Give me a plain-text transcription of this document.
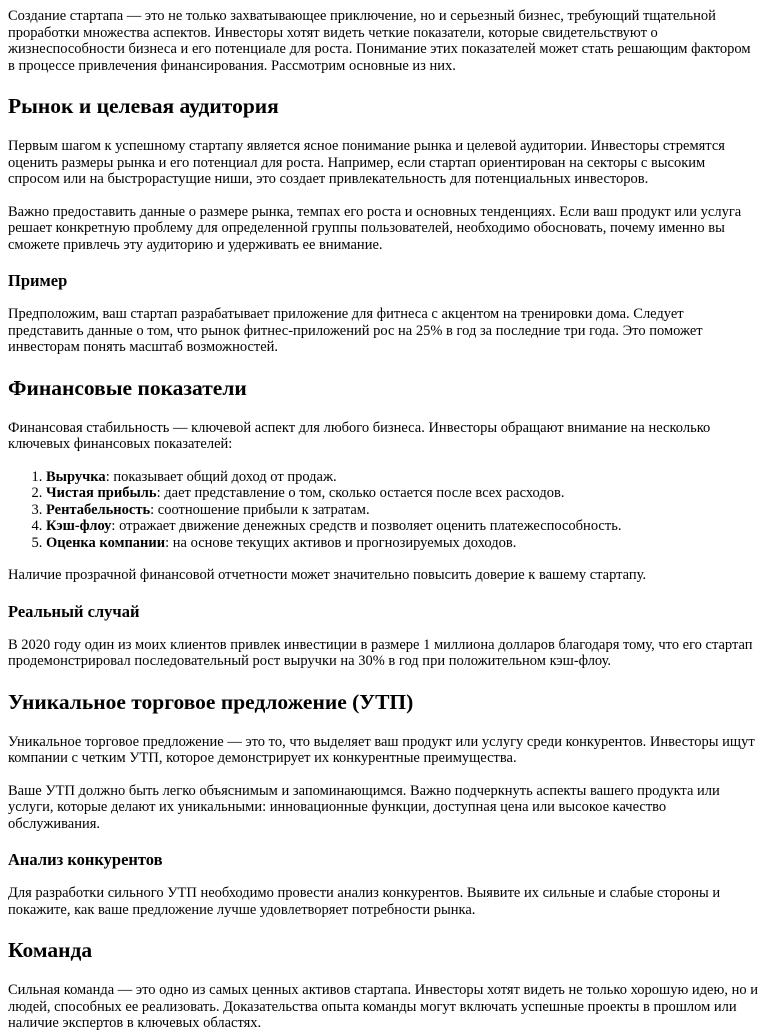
Создание стартапа — это не только захватывающее приключение, но и серьезный бизнес, требующий тщательной проработки множества аспектов. Инвесторы хотят видеть четкие показатели, которые свидетельствуют о жизнеспособности бизнеса и его потенциале для роста. Понимание этих показателей может стать решающим фактором в процессе привлечения финансирования. Рассмотрим основные из них.

Рынок и целевая аудитория

Первым шагом к успешному стартапу является ясное понимание рынка и целевой аудитории. Инвесторы стремятся оценить размеры рынка и его потенциал для роста. Например, если стартап ориентирован на секторы с высоким спросом или на быстрорастущие ниши, это создает привлекательность для потенциальных инвесторов.

Важно предоставить данные о размере рынка, темпах его роста и основных тенденциях. Если ваш продукт или услуга решает конкретную проблему для определенной группы пользователей, необходимо обосновать, почему именно вы сможете привлечь эту аудиторию и удерживать ее внимание.

Пример

Предположим, ваш стартап разрабатывает приложение для фитнеса с акцентом на тренировки дома. Следует представить данные о том, что рынок фитнес-приложений рос на 25% в год за последние три года. Это поможет инвесторам понять масштаб возможностей.

Финансовые показатели

Финансовая стабильность — ключевой аспект для любого бизнеса. Инвесторы обращают внимание на несколько ключевых финансовых показателей:

1. Выручка: показывает общий доход от продаж.
2. Чистая прибыль: дает представление о том, сколько остается после всех расходов.
3. Рентабельность: соотношение прибыли к затратам.
4. Кэш-флоу: отражает движение денежных средств и позволяет оценить платежеспособность.
5. Оценка компании: на основе текущих активов и прогнозируемых доходов.

Наличие прозрачной финансовой отчетности может значительно повысить доверие к вашему стартапу.

Реальный случай

В 2020 году один из моих клиентов привлек инвестиции в размере 1 миллиона долларов благодаря тому, что его стартап продемонстрировал последовательный рост выручки на 30% в год при положительном кэш-флоу.

Уникальное торговое предложение (УТП)

Уникальное торговое предложение — это то, что выделяет ваш продукт или услугу среди конкурентов. Инвесторы ищут компании с четким УТП, которое демонстрирует их конкурентные преимущества.

Ваше УТП должно быть легко объяснимым и запоминающимся. Важно подчеркнуть аспекты вашего продукта или услуги, которые делают их уникальными: инновационные функции, доступная цена или высокое качество обслуживания.

Анализ конкурентов

Для разработки сильного УТП необходимо провести анализ конкурентов. Выявите их сильные и слабые стороны и покажите, как ваше предложение лучше удовлетворяет потребности рынка.

Команда

Сильная команда — это одно из самых ценных активов стартапа. Инвесторы хотят видеть не только хорошую идею, но и людей, способных ее реализовать. Доказательства опыта команды могут включать успешные проекты в прошлом или наличие экспертов в ключевых областях.
